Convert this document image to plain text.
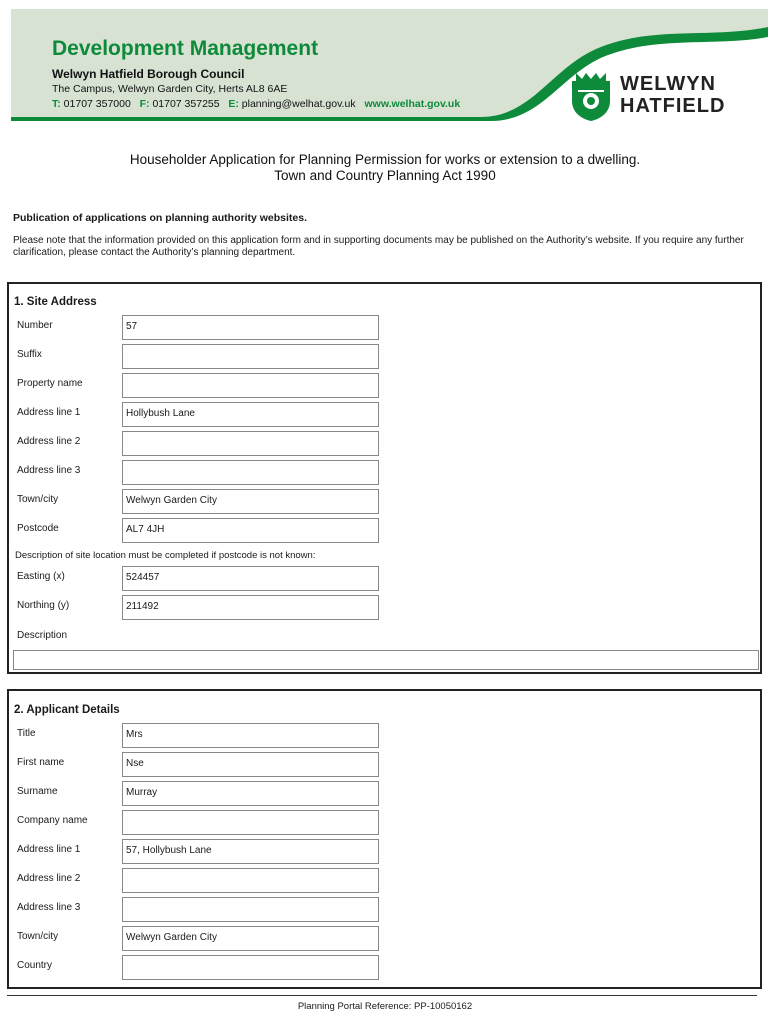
Development Management
Welwyn Hatfield Borough Council
The Campus, Welwyn Garden City, Herts AL8 6AE
T: 01707 357000 F: 01707 357255 E: planning@welhat.gov.uk www.welhat.gov.uk
WELWYN
HATFIELD
Householder Application for Planning Permission for works or extension to a dwelling.
Town and Country Planning Act 1990
Publication of applications on planning authority websites.
Please note that the information provided on this application form and in supporting documents may be published on the Authority’s website. If you require any further clarification, please contact the Authority’s planning department.
1. Site Address
Number	57
Suffix
Property name
Address line 1	Hollybush Lane
Address line 2
Address line 3
Town/city	Welwyn Garden City
Postcode	AL7 4JH
Description of site location must be completed if postcode is not known:
Easting (x)	524457
Northing (y)	211492
Description
2. Applicant Details
Title	Mrs
First name	Nse
Surname	Murray
Company name
Address line 1	57, Hollybush Lane
Address line 2
Address line 3
Town/city	Welwyn Garden City
Country
Planning Portal Reference: PP-10050162
